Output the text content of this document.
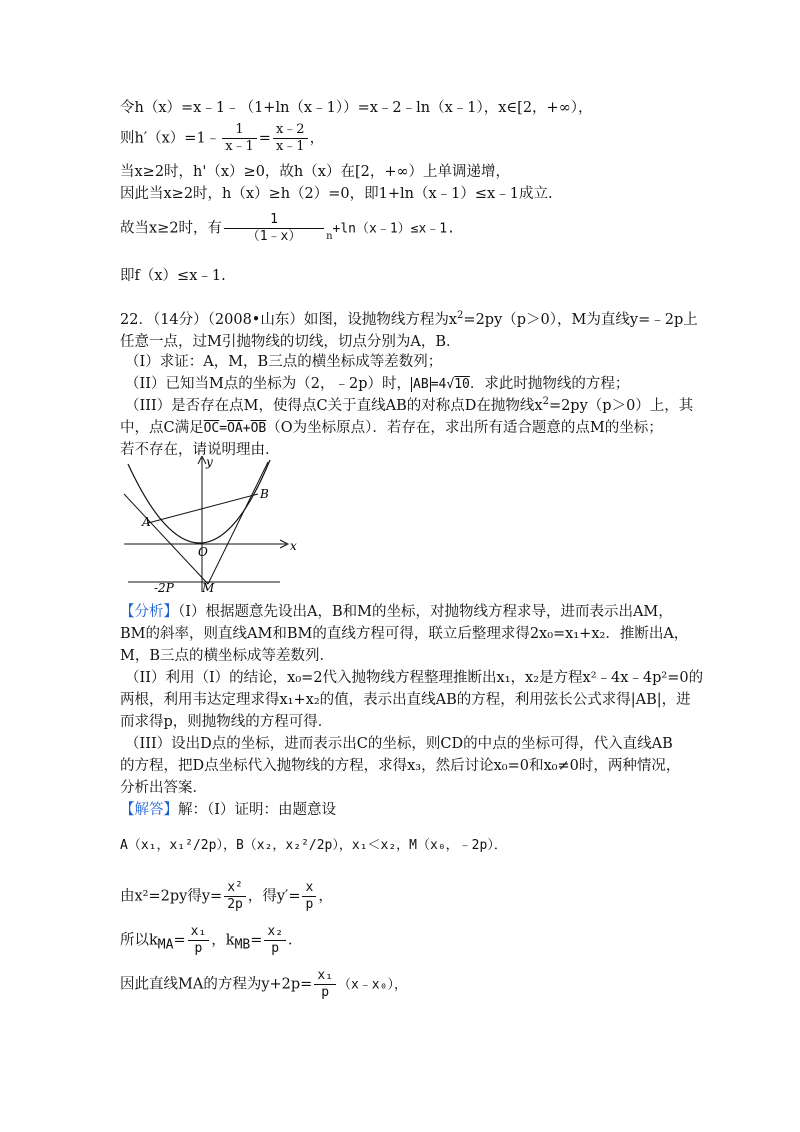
令h（x）=x﹣1﹣（1+ln（x﹣1））=x﹣2﹣ln（x﹣1），x∈[2，+∞），
则h′（x）=1﹣ $\frac{1}{x﹣1} = \frac{x﹣2}{x﹣1}$ ，
当x≥2时，h'（x）≥0，故h（x）在[2，+∞）上单调递增，
因此当x≥2时，h（x）≥h（2）=0，即1+ln（x﹣1）≤x﹣1成立.
故当x≥2时，有 $\frac{1}{(1﹣x)}$ $^n$+ln（x﹣1）≤x﹣1.
即f（x）≤x﹣1.
22．（14分）（2008•山东）如图，设抛物线方程为$x^2=2py(p>0)$，M为直线y=﹣2p上
任意一点，过M引抛物线的切线，切点分别为A，B．
（I）求证：A，M，B三点的横坐标成等差数列；
（II）已知当M点的坐标为（2，﹣2p）时， AB =4√10．求此时抛物线的方程；
（III）是否存在点M，使得点C关于直线AB的对称点D在抛物线$x^2=2py(p>0)$上，其
中，点C满足$\overline{OC}=\overline{OA}+\overline{OB}(O$为坐标原点）．若存在，求出所有适合题意的点M的坐标；
若不存在，请说明理由．
y
x
A
B
O
M
-2P
【分析】（I）根据题意先设出A，B和M的坐标，对抛物线方程求导，进而表示出AM，
BM的斜率，则直线AM和BM的直线方程可得，联立后整理求得2x₀=x₁+x₂．推断出A，
M，B三点的横坐标成等差数列．
（II）利用（I）的结论，x₀=2代入抛物线方程整理推断出x₁，x₂是方程x²﹣4x﹣4p²=0的
两根，利用韦达定理求得x₁+x₂的值，表示出直线AB的方程，利用弦长公式求得|AB|，进
而求得p，则抛物线的方程可得．
（III）设出D点的坐标，进而表示出C的坐标，则CD的中点的坐标可得，代入直线AB
的方程，把D点坐标代入抛物线的方程，求得x₃，然后讨论x₀=0和x₀≠0时，两种情况，
分析出答案．
【解答】解：（I）证明：由题意设
A（x₁，x₁²/2p），B（x₂，x₂²/2p），x₁＜x₂，M（x₀，﹣2p）．
由x²=2py得$y= \frac{\text{x²}}{2p}$ ，得$y'= \frac{x}{p}$ ，
所以$k_{MA}= \frac{\text{x₁}}{p}$ ，$k_{MB}= \frac{\text{x₂}}{p}$ ．
因此直线MA的方程为$y+2p= \frac{\text{x₁}}{p}$ （x﹣x₀），
